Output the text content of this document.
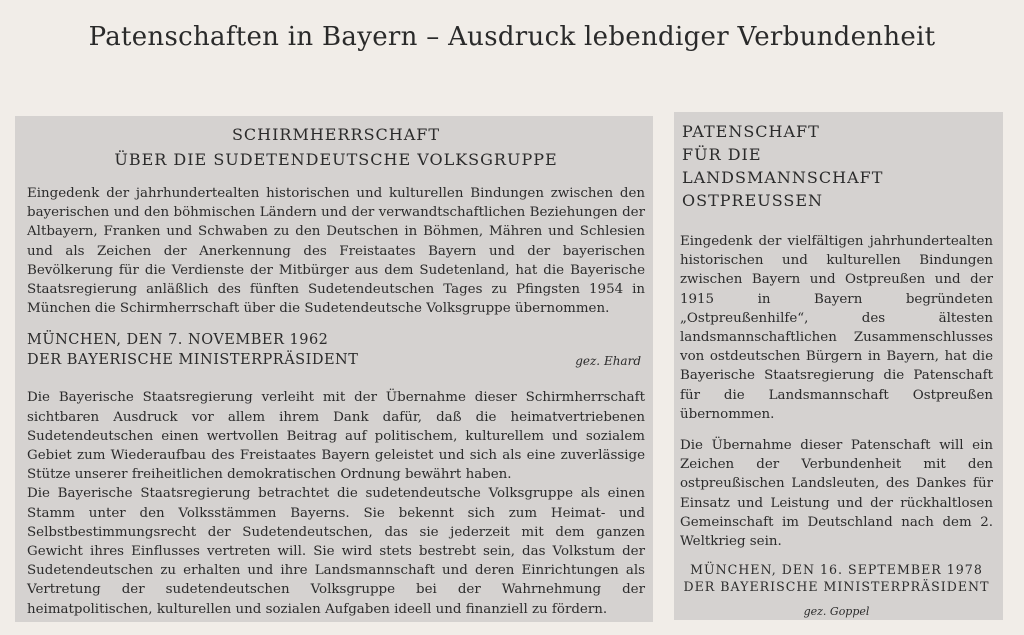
Patenschaften in Bayern – Ausdruck lebendiger Verbundenheit
SCHIRMHERRSCHAFT
ÜBER DIE SUDETENDEUTSCHE VOLKSGRUPPE

Eingedenk der jahrhundertealten historischen und kulturellen Bindungen zwischen den bayerischen und den böhmischen Ländern und der verwandtschaftlichen Beziehungen der Altbayern, Franken und Schwaben zu den Deutschen in Böhmen, Mähren und Schlesien und als Zeichen der Anerkennung des Freistaates Bayern und der bayerischen Bevölkerung für die Verdienste der Mitbürger aus dem Sudetenland, hat die Bayerische Staatsregierung anläßlich des fünften Sudetendeutschen Tages zu Pfingsten 1954 in München die Schirmherrschaft über die Sudetendeutsche Volksgruppe übernommen.

MÜNCHEN, DEN 7. NOVEMBER 1962
DER BAYERISCHE MINISTERPRÄSIDENT	gez. Ehard

Die Bayerische Staatsregierung verleiht mit der Übernahme dieser Schirmherrschaft sichtbaren Ausdruck vor allem ihrem Dank dafür, daß die heimatvertriebenen Sudetendeutschen einen wertvollen Beitrag auf politischem, kulturellem und sozialem Gebiet zum Wiederaufbau des Freistaates Bayern geleistet und sich als eine zuverlässige Stütze unserer freiheitlichen demokratischen Ordnung bewährt haben.

Die Bayerische Staatsregierung betrachtet die sudetendeutsche Volksgruppe als einen Stamm unter den Volksstämmen Bayerns. Sie bekennt sich zum Heimat- und Selbstbestimmungsrecht der Sudetendeutschen, das sie jederzeit mit dem ganzen Gewicht ihres Einflusses vertreten will. Sie wird stets bestrebt sein, das Volkstum der Sudetendeutschen zu erhalten und ihre Landsmannschaft und deren Einrichtungen als Vertretung der sudetendeutschen Volksgruppe bei der Wahrnehmung der heimatpolitischen, kulturellen und sozialen Aufgaben ideell und finanziell zu fördern.

PATENSCHAFT
FÜR DIE
LANDSMANNSCHAFT
OSTPREUSSEN

Eingedenk der vielfältigen jahrhundertealten historischen und kulturellen Bindungen zwischen Bayern und Ostpreußen und der 1915 in Bayern begründeten „Ostpreußenhilfe“, des ältesten landsmannschaftlichen Zusammenschlusses von ostdeutschen Bürgern in Bayern, hat die Bayerische Staatsregierung die Patenschaft für die Landsmannschaft Ostpreußen übernommen.

Die Übernahme dieser Patenschaft will ein Zeichen der Verbundenheit mit den ostpreußischen Landsleuten, des Dankes für Einsatz und Leistung und der rückhaltlosen Gemeinschaft im Deutschland nach dem 2. Weltkrieg sein.

MÜNCHEN, DEN 16. SEPTEMBER 1978
DER BAYERISCHE MINISTERPRÄSIDENT
gez. Goppel
